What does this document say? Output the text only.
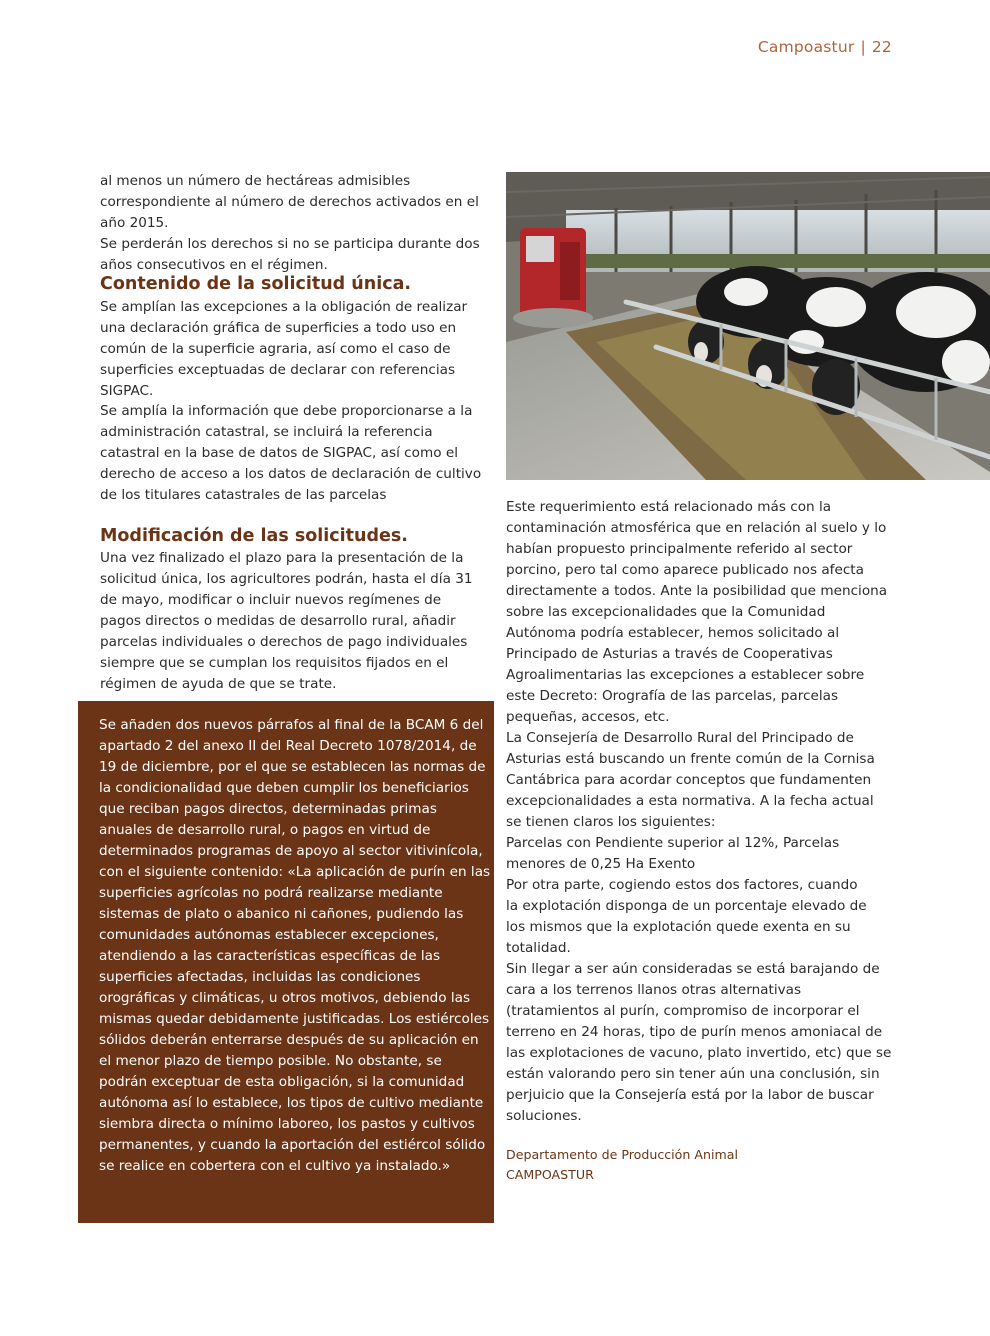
Campoastur | 22

al menos un número de hectáreas admisibles correspondiente al número de derechos activados en el año 2015.

Se perderán los derechos si no se participa durante dos años consecutivos en el régimen.

Contenido de la solicitud única.

Se amplían las excepciones a la obligación de realizar una declaración gráfica de superficies a todo uso en común de la superficie agraria, así como el caso de superficies exceptuadas de declarar con referencias SIGPAC.

Se amplía la información que debe proporcionarse a la administración catastral, se incluirá la referencia catastral en la base de datos de SIGPAC, así como el derecho de acceso a los datos de declaración de cultivo de los titulares catastrales de las parcelas

Modificación de las solicitudes.

Una vez finalizado el plazo para la presentación de la solicitud única, los agricultores podrán, hasta el día 31 de mayo, modificar o incluir nuevos regímenes de pagos directos o medidas de desarrollo rural, añadir parcelas individuales o derechos de pago individuales siempre que se cumplan los requisitos fijados en el régimen de ayuda de que se trate.

Se añaden dos nuevos párrafos al final de la BCAM 6 del apartado 2 del anexo II del Real Decreto 1078/2014, de 19 de diciembre, por el que se establecen las normas de la condicionalidad que deben cumplir los beneficiarios que reciban pagos directos, determinadas primas anuales de desarrollo rural, o pagos en virtud de determinados programas de apoyo al sector vitivinícola, con el siguiente contenido: «La aplicación de purín en las superficies agrícolas no podrá realizarse mediante sistemas de plato o abanico ni cañones, pudiendo las comunidades autónomas establecer excepciones, atendiendo a las características específicas de las superficies afectadas, incluidas las condiciones orográficas y climáticas, u otros motivos, debiendo las mismas quedar debidamente justificadas. Los estiércoles sólidos deberán enterrarse después de su aplicación en el menor plazo de tiempo posible. No obstante, se podrán exceptuar de esta obligación, si la comunidad autónoma así lo establece, los tipos de cultivo mediante siembra directa o mínimo laboreo, los pastos y cultivos permanentes, y cuando la aportación del estiércol sólido se realice en cobertera con el cultivo ya instalado.»

Este requerimiento está relacionado más con la contaminación atmosférica que en relación al suelo y lo habían propuesto principalmente referido al sector porcino, pero tal como aparece publicado nos afecta directamente a todos. Ante la posibilidad que menciona sobre las excepcionalidades que la Comunidad Autónoma podría establecer, hemos solicitado al Principado de Asturias a través de Cooperativas Agroalimentarias las excepciones a establecer sobre este Decreto: Orografía de las parcelas, parcelas pequeñas, accesos, etc.

La Consejería de Desarrollo Rural del Principado de Asturias está buscando un frente común de la Cornisa Cantábrica para acordar conceptos que fundamenten excepcionalidades a esta normativa. A la fecha actual se tienen claros los siguientes:

Parcelas con Pendiente superior al 12%, Parcelas menores de 0,25 Ha Exento

Por otra parte, cogiendo estos dos factores, cuando la explotación disponga de un porcentaje elevado de los mismos que la explotación quede exenta en su totalidad.

Sin llegar a ser aún consideradas se está barajando de cara a los terrenos llanos otras alternativas (tratamientos al purín, compromiso de incorporar el terreno en 24 horas, tipo de purín menos amoniacal de las explotaciones de vacuno, plato invertido, etc) que se están valorando pero sin tener aún una conclusión, sin perjuicio que la Consejería está por la labor de buscar soluciones.

Departamento de Producción Animal
CAMPOASTUR
